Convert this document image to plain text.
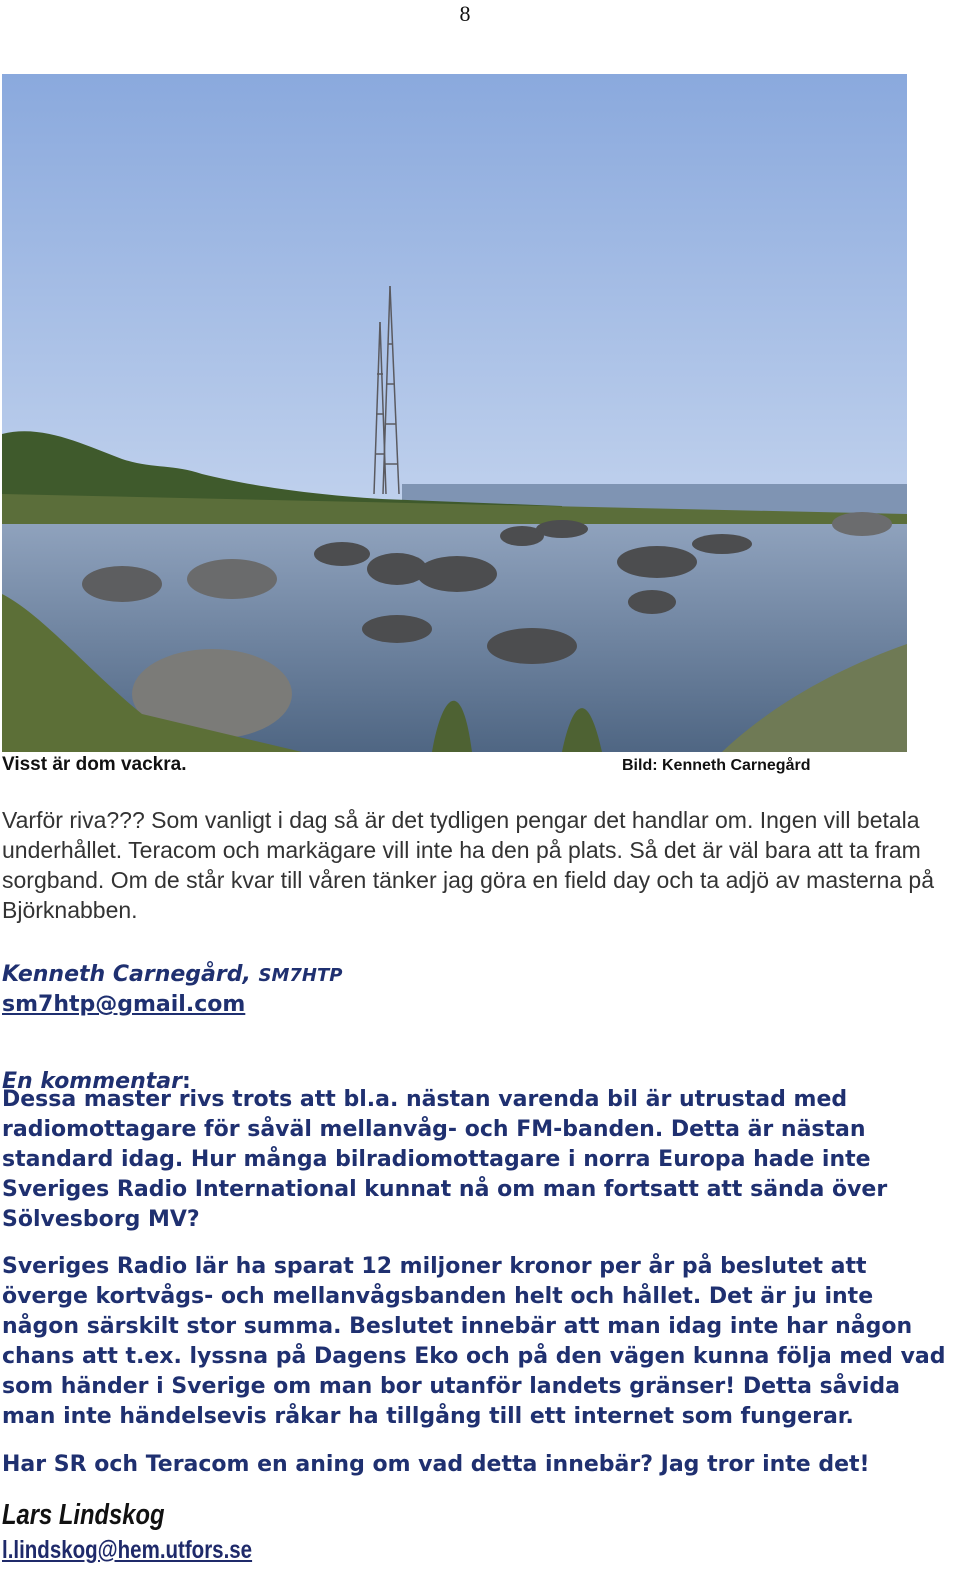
8
Visst är dom vackra.	Bild: Kenneth Carnegård
Varför riva??? Som vanligt i dag så är det tydligen pengar det handlar om. Ingen vill betala underhållet. Teracom och markägare vill inte ha den på plats. Så det är väl bara att ta fram sorgband. Om de står kvar till våren tänker jag göra en field day och ta adjö av masterna på Björknabben.
Kenneth Carnegård, SM7HTP
sm7htp@gmail.com
En kommentar:
Dessa master rivs trots att bl.a. nästan varenda bil är utrustad med radiomottagare för såväl mellanvåg- och FM-banden. Detta är nästan standard idag. Hur många bilradiomottagare i norra Europa hade inte Sveriges Radio International kunnat nå om man fortsatt att sända över Sölvesborg MV?
Sveriges Radio lär ha sparat 12 miljoner kronor per år på beslutet att överge kortvågs- och mellanvågsbanden helt och hållet. Det är ju inte någon särskilt stor summa. Beslutet innebär att man idag inte har någon chans att t.ex. lyssna på Dagens Eko och på den vägen kunna följa med vad som händer i Sverige om man bor utanför landets gränser! Detta såvida man inte händelsevis råkar ha tillgång till ett internet som fungerar.
Har SR och Teracom en aning om vad detta innebär? Jag tror inte det!
Lars Lindskog
l.lindskog@hem.utfors.se
